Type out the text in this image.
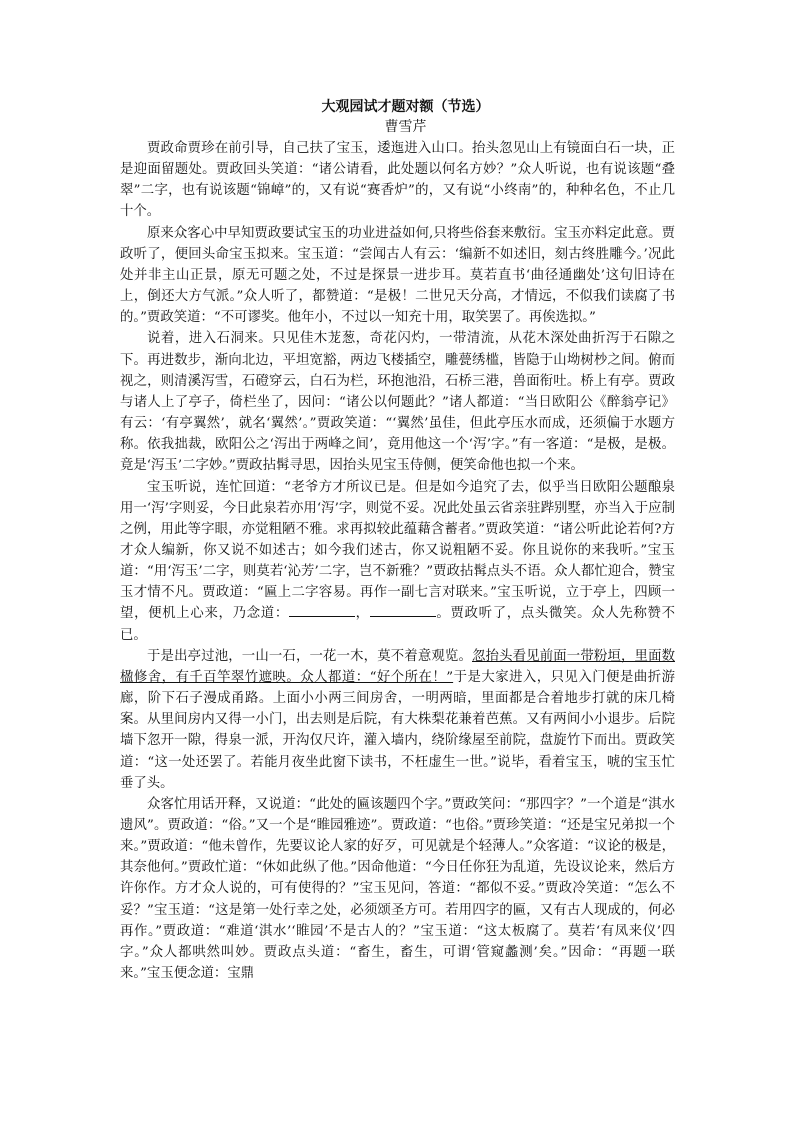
大观园试才题对额（节选）

曹雪芹

贾政命贾珍在前引导，自己扶了宝玉，逶迤进入山口。抬头忽见山上有镜面白石一块，正是迎面留题处。贾政回头笑道：“诸公请看，此处题以何名方妙？”众人听说，也有说该题“叠翠”二字，也有说该题“锦嶂”的，又有说“赛香炉”的，又有说“小终南”的，种种名色，不止几十个。

原来众客心中早知贾政要试宝玉的功业进益如何,只将些俗套来敷衍。宝玉亦料定此意。贾政听了，便回头命宝玉拟来。宝玉道：“尝闻古人有云：‘编新不如述旧，刻古终胜雕今。’况此处并非主山正景，原无可题之处，不过是探景一进步耳。莫若直书‘曲径通幽处’这句旧诗在上，倒还大方气派。”众人听了，都赞道：“是极！二世兄天分高，才情远，不似我们读腐了书的。”贾政笑道：“不可谬奖。他年小，不过以一知充十用，取笑罢了。再俟选拟。”

说着，进入石洞来。只见佳木茏葱，奇花闪灼，一带清流，从花木深处曲折泻于石隙之下。再进数步，渐向北边，平坦宽豁，两边飞楼插空，雕甍绣槛，皆隐于山坳树杪之间。俯而视之，则清溪泻雪，石磴穿云，白石为栏，环抱池沿，石桥三港，兽面衔吐。桥上有亭。贾政与诸人上了亭子，倚栏坐了，因问：“诸公以何题此？”诸人都道：“当日欧阳公《醉翁亭记》有云：‘有亭翼然’，就名‘翼然’。”贾政笑道：“‘翼然’虽佳，但此亭压水而成，还须偏于水题方称。依我拙裁，欧阳公之‘泻出于两峰之间’，竟用他这一个‘泻’字。”有一客道：“是极，是极。竟是‘泻玉’二字妙。”贾政拈髯寻思，因抬头见宝玉侍侧，便笑命他也拟一个来。

宝玉听说，连忙回道：“老爷方才所议已是。但是如今追究了去，似乎当日欧阳公题酿泉用一‘泻’字则妥，今日此泉若亦用‘泻’字，则觉不妥。况此处虽云省亲驻跸别墅，亦当入于应制之例，用此等字眼，亦觉粗陋不雅。求再拟较此蕴藉含蓄者。”贾政笑道：“诸公听此论若何?方才众人编新，你又说不如述古；如今我们述古，你又说粗陋不妥。你且说你的来我听。”宝玉道：“用‘泻玉’二字，则莫若‘沁芳’二字，岂不新雅？”贾政拈髯点头不语。众人都忙迎合，赞宝玉才情不凡。贾政道：“匾上二字容易。再作一副七言对联来。”宝玉听说，立于亭上，四顾一望，便机上心来，乃念道：	，	。贾政听了，点头微笑。众人先称赞不已。

于是出亭过池，一山一石，一花一木，莫不着意观览。忽抬头看见前面一带粉垣，里面数楹修舍，有千百竿翠竹遮映。众人都道：“好个所在！”于是大家进入，只见入门便是曲折游廊，阶下石子漫成甬路。上面小小两三间房舍，一明两暗，里面都是合着地步打就的床几椅案。从里间房内又得一小门，出去则是后院，有大株梨花兼着芭蕉。又有两间小小退步。后院墙下忽开一隙，得泉一派，开沟仅尺许，灌入墙内，绕阶缘屋至前院，盘旋竹下而出。贾政笑道：“这一处还罢了。若能月夜坐此窗下读书，不枉虚生一世。”说毕，看着宝玉，唬的宝玉忙垂了头。

众客忙用话开释，又说道：“此处的匾该题四个字。”贾政笑问：“那四字？”一个道是“淇水遗风”。贾政道：“俗。”又一个是“睢园雅迹”。贾政道：“也俗。”贾珍笑道：“还是宝兄弟拟一个来。”贾政道：“他未曾作，先要议论人家的好歹，可见就是个轻薄人。”众客道：“议论的极是，其奈他何。”贾政忙道：“休如此纵了他。”因命他道：“今日任你狂为乱道，先设议论来，然后方许你作。方才众人说的，可有使得的？”宝玉见问，答道：“都似不妥。”贾政冷笑道：“怎么不妥？”宝玉道：“这是第一处行幸之处，必须颂圣方可。若用四字的匾，又有古人现成的，何必再作。”贾政道：“难道‘淇水’‘睢园’不是古人的？”宝玉道：“这太板腐了。莫若‘有凤来仪’四字。”众人都哄然叫妙。贾政点头道：“畜生，畜生，可谓‘管窥蠡测’矣。”因命：“再题一联来。”宝玉便念道：宝鼎
